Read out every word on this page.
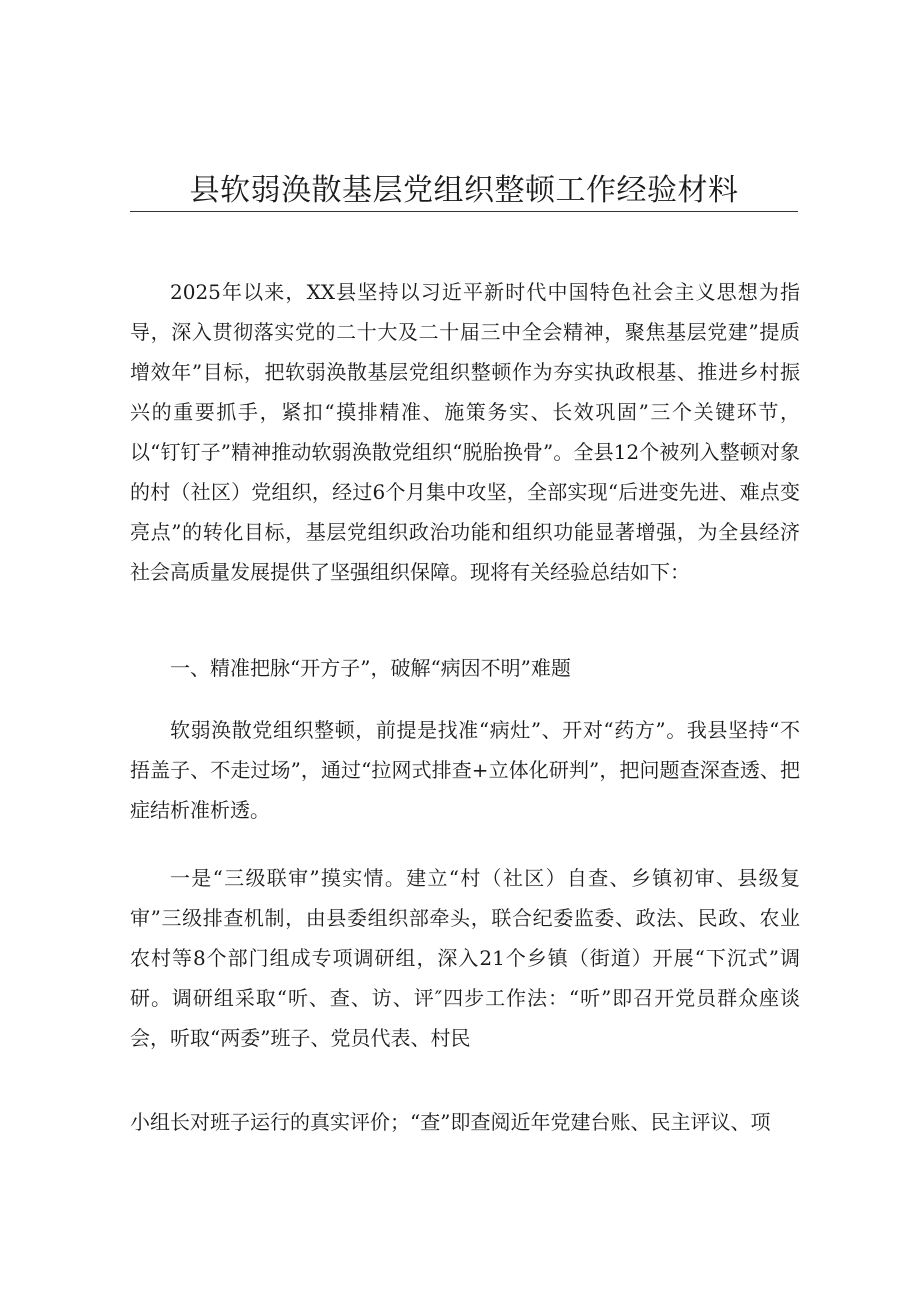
县软弱涣散基层党组织整顿工作经验材料

2025年以来，XX县坚持以习近平新时代中国特色社会主义思想为指导，深入贯彻落实党的二十大及二十届三中全会精神，聚焦基层党建”提质增效年”目标，把软弱涣散基层党组织整顿作为夯实执政根基、推进乡村振兴的重要抓手，紧扣“摸排精准、施策务实、长效巩固”三个关键环节，以“钉钉子”精神推动软弱涣散党组织“脱胎换骨”。全县12个被列入整顿对象的村（社区）党组织，经过6个月集中攻坚，全部实现“后进变先进、难点变亮点”的转化目标，基层党组织政治功能和组织功能显著增强，为全县经济社会高质量发展提供了坚强组织保障。现将有关经验总结如下：

一、精准把脉“开方子”，破解“病因不明”难题

软弱涣散党组织整顿，前提是找准“病灶”、开对“药方”。我县坚持“不捂盖子、不走过场”，通过“拉网式排查+立体化研判”，把问题查深查透、把症结析准析透。

一是“三级联审”摸实情。建立“村（社区）自查、乡镇初审、县级复审”三级排查机制，由县委组织部牵头，联合纪委监委、政法、民政、农业农村等8个部门组成专项调研组，深入21个乡镇（街道）开展“下沉式”调研。调研组采取“听、查、访、评″四步工作法：“听”即召开党员群众座谈会，听取“两委”班子、党员代表、村民

小组长对班子运行的真实评价；“查”即查阅近年党建台账、民主评议、项
